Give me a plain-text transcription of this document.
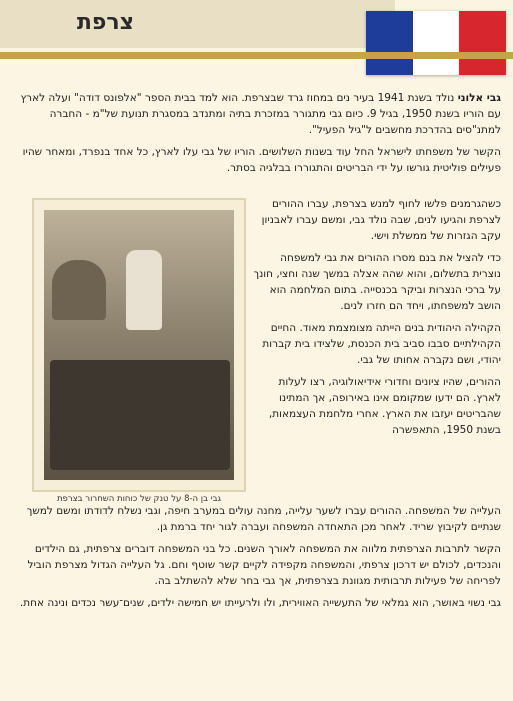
צרפת

גבי אלוני נולד בשנת 1941 בעיר נים במחוז גרד שבצרפת. הוא למד בבית הספר "אלפונס דודה" ועלה לארץ עם הוריו בשנת 1950, בגיל 9. כיום גבי מתגורר במזכרת בתיה ומתנדב במסגרת תנועת של"מ - החברה למתנ"סים בהדרכת מחשבים ל"גיל הפעיל".

הקשר של משפחתו לישראל החל עוד בשנות השלושים. הוריו של גבי עלו לארץ, כל אחד בנפרד, ומאחר שהיו פעילים פוליטית גורשו על ידי הבריטים והתגוררו בבלגיה בסתר.

גבי בן ה-8 על טנק של כוחות השחרור בצרפת

כשהגרמנים פלשו לחוף למנש בצרפת, עברו ההורים לצרפת והגיעו לנים, שבה נולד גבי, ומשם עברו לאבניון עקב הגזרות של ממשלת וישי.

כדי להציל את בנם מסרו ההורים את גבי למשפחה נוצרית בתשלום, והוא שהה אצלה במשך שנה וחצי, חונך על ברכי הנצרות וביקר בכנסייה. בתום המלחמה הוא הושב למשפחתו, ויחד הם חזרו לנים.

הקהילה היהודית בנים הייתה מצומצמת מאוד. החיים הקהילתיים סבבו סביב בית הכנסת, שלצידו בית קברות יהודי, ושם נקברה אחותו של גבי.

ההורים, שהיו ציונים וחדורי אידיאולוגיה, רצו לעלות לארץ. הם ידעו שמקומם אינו באירופה, אך המתינו שהבריטים יעזבו את הארץ. אחרי מלחמת העצמאות, בשנת 1950, התאפשרה

העלייה של המשפחה. ההורים עברו לשער עלייה, מחנה עולים במערב חיפה, וגבי נשלח לדודתו ומשם למשך שנתיים לקיבוץ שריד. לאחר מכן התאחדה המשפחה ועברה לגור יחד ברמת גן.

הקשר לתרבות הצרפתית מלווה את המשפחה לאורך השנים. כל בני המשפחה דוברים צרפתית, גם הילדים והנכדים, לכולם יש דרכון צרפתי, והמשפחה מקפידה לקיים קשר שוטף וחם. גל העלייה הגדול מצרפת הוביל לפריחה של פעילות תרבותית מגוונת בצרפתית, אך גבי בחר שלא להשתלב בה.

גבי נשוי באושר, הוא גמלאי של התעשייה האווירית, ולו ולרעייתו יש חמישה ילדים, שנים־עשר נכדים ונינה אחת.
